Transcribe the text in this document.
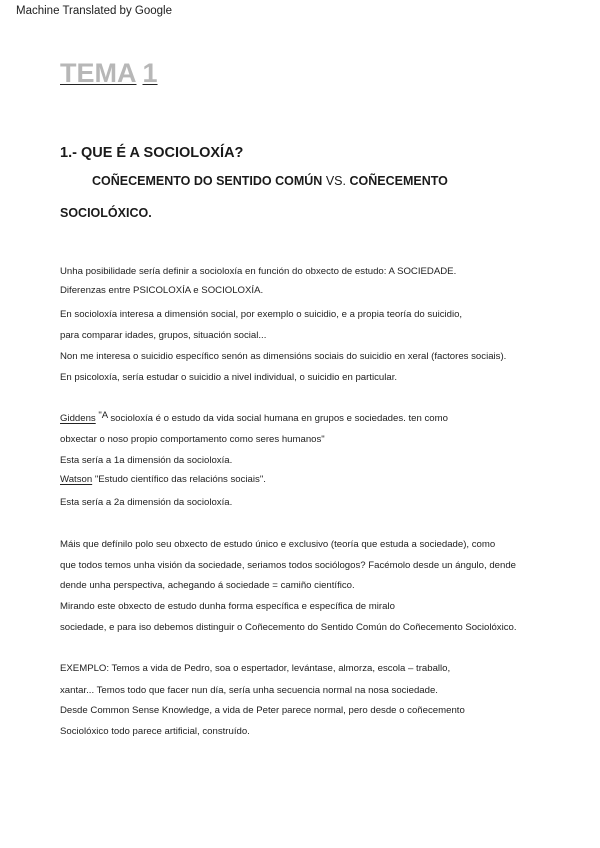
Machine Translated by Google
TEMA 1
1.- QUE É A SOCIOLOXÍA?
COÑECEMENTO DO SENTIDO COMÚN VS. COÑECEMENTO
SOCIOLÓXICO.
Unha posibilidade sería definir a socioloxía en función do obxecto de estudo: A SOCIEDADE.
Diferenzas entre PSICOLOXÍA e SOCIOLOXÍA.
En socioloxía interesa a dimensión social, por exemplo o suicidio, e a propia teoría do suicidio,
para comparar idades, grupos, situación social...
Non me interesa o suicidio específico senón as dimensións sociais do suicidio en xeral (factores sociais).
En psicoloxía, sería estudar o suicidio a nivel individual, o suicidio en particular.
Giddens "A socioloxía é o estudo da vida social humana en grupos e sociedades. ten como
obxectar o noso propio comportamento como seres humanos"
Esta sería a 1a dimensión da socioloxía.
Watson "Estudo científico das relacións sociais".
Esta sería a 2a dimensión da socioloxía.
Máis que defínilo polo seu obxecto de estudo único e exclusivo (teoría que estuda a sociedade), como
que todos temos unha visión da sociedade, seriamos todos sociólogos? Facémolo desde un ángulo, dende
dende unha perspectiva, achegando á sociedade = camiño científico.
Mirando este obxecto de estudo dunha forma específica e específica de miralo
sociedade, e para iso debemos distinguir o Coñecemento do Sentido Común do Coñecemento Sociolóxico.
EXEMPLO: Temos a vida de Pedro, soa o espertador, levántase, almorza, escola – traballo,
xantar... Temos todo que facer nun día, sería unha secuencia normal na nosa sociedade.
Desde Common Sense Knowledge, a vida de Peter parece normal, pero desde o coñecemento
Sociolóxico todo parece artificial, construído.
